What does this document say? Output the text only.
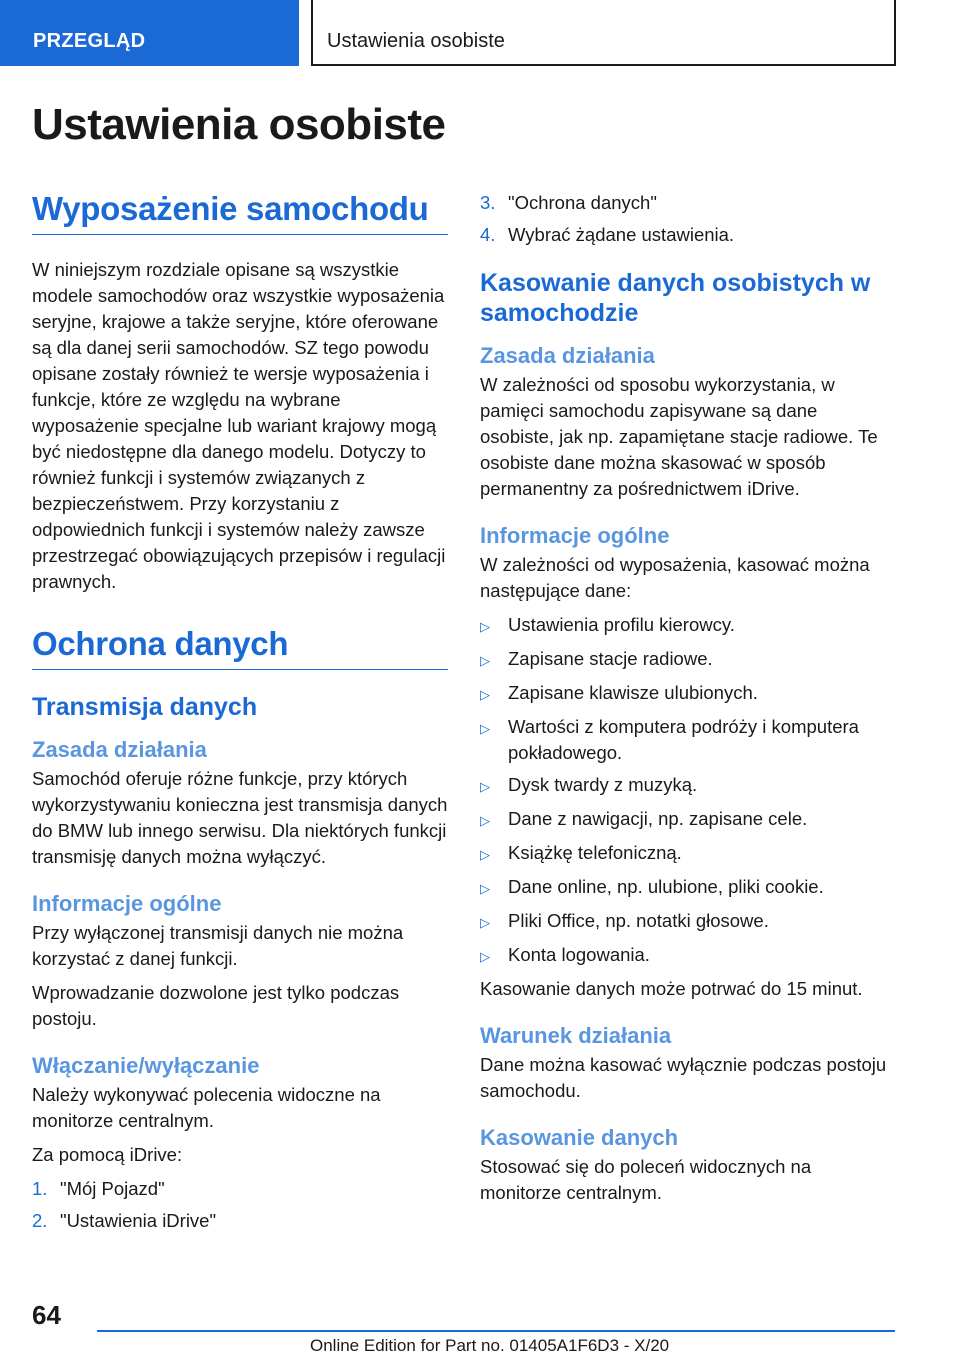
PRZEGLĄD	Ustawienia osobiste
Ustawienia osobiste
Wyposażenie samochodu

W niniejszym rozdziale opisane są wszystkie modele samochodów oraz wszystkie wyposażenia seryjne, krajowe a także seryjne, które oferowane są dla danej serii samochodów. SZ tego powodu opisane zostały również te wersje wyposażenia i funkcje, które ze względu na wybrane wyposażenie specjalne lub wariant krajowy mogą być niedostępne dla danego modelu. Dotyczy to również funkcji i systemów związanych z bezpieczeństwem. Przy korzystaniu z odpowiednich funkcji i systemów należy zawsze przestrzegać obowiązujących przepisów i regulacji prawnych.

Ochrona danych
Transmisja danych
Zasada działania

Samochód oferuje różne funkcje, przy których wykorzystywaniu konieczna jest transmisja danych do BMW lub innego serwisu. Dla niektórych funkcji transmisję danych można wyłączyć.

Informacje ogólne

Przy wyłączonej transmisji danych nie można korzystać z danej funkcji.

Wprowadzanie dozwolone jest tylko podczas postoju.

Włączanie/wyłączanie

Należy wykonywać polecenia widoczne na monitorze centralnym.

Za pomocą iDrive:

1. "Mój Pojazd"
2. "Ustawienia iDrive"
3. "Ochrona danych"
4. Wybrać żądane ustawienia.
Kasowanie danych osobistych w samochodzie
Zasada działania

W zależności od sposobu wykorzystania, w pamięci samochodu zapisywane są dane osobiste, jak np. zapamiętane stacje radiowe. Te osobiste dane można skasować w sposób permanentny za pośrednictwem iDrive.

Informacje ogólne

W zależności od wyposażenia, kasować można następujące dane:

▷ Ustawienia profilu kierowcy.
▷ Zapisane stacje radiowe.
▷ Zapisane klawisze ulubionych.
▷ Wartości z komputera podróży i komputera pokładowego.
▷ Dysk twardy z muzyką.
▷ Dane z nawigacji, np. zapisane cele.
▷ Książkę telefoniczną.
▷ Dane online, np. ulubione, pliki cookie.
▷ Pliki Office, np. notatki głosowe.
▷ Konta logowania.

Kasowanie danych może potrwać do 15 minut.

Warunek działania

Dane można kasować wyłącznie podczas postoju samochodu.

Kasowanie danych

Stosować się do poleceń widocznych na monitorze centralnym.

64
Online Edition for Part no. 01405A1F6D3 - X/20
